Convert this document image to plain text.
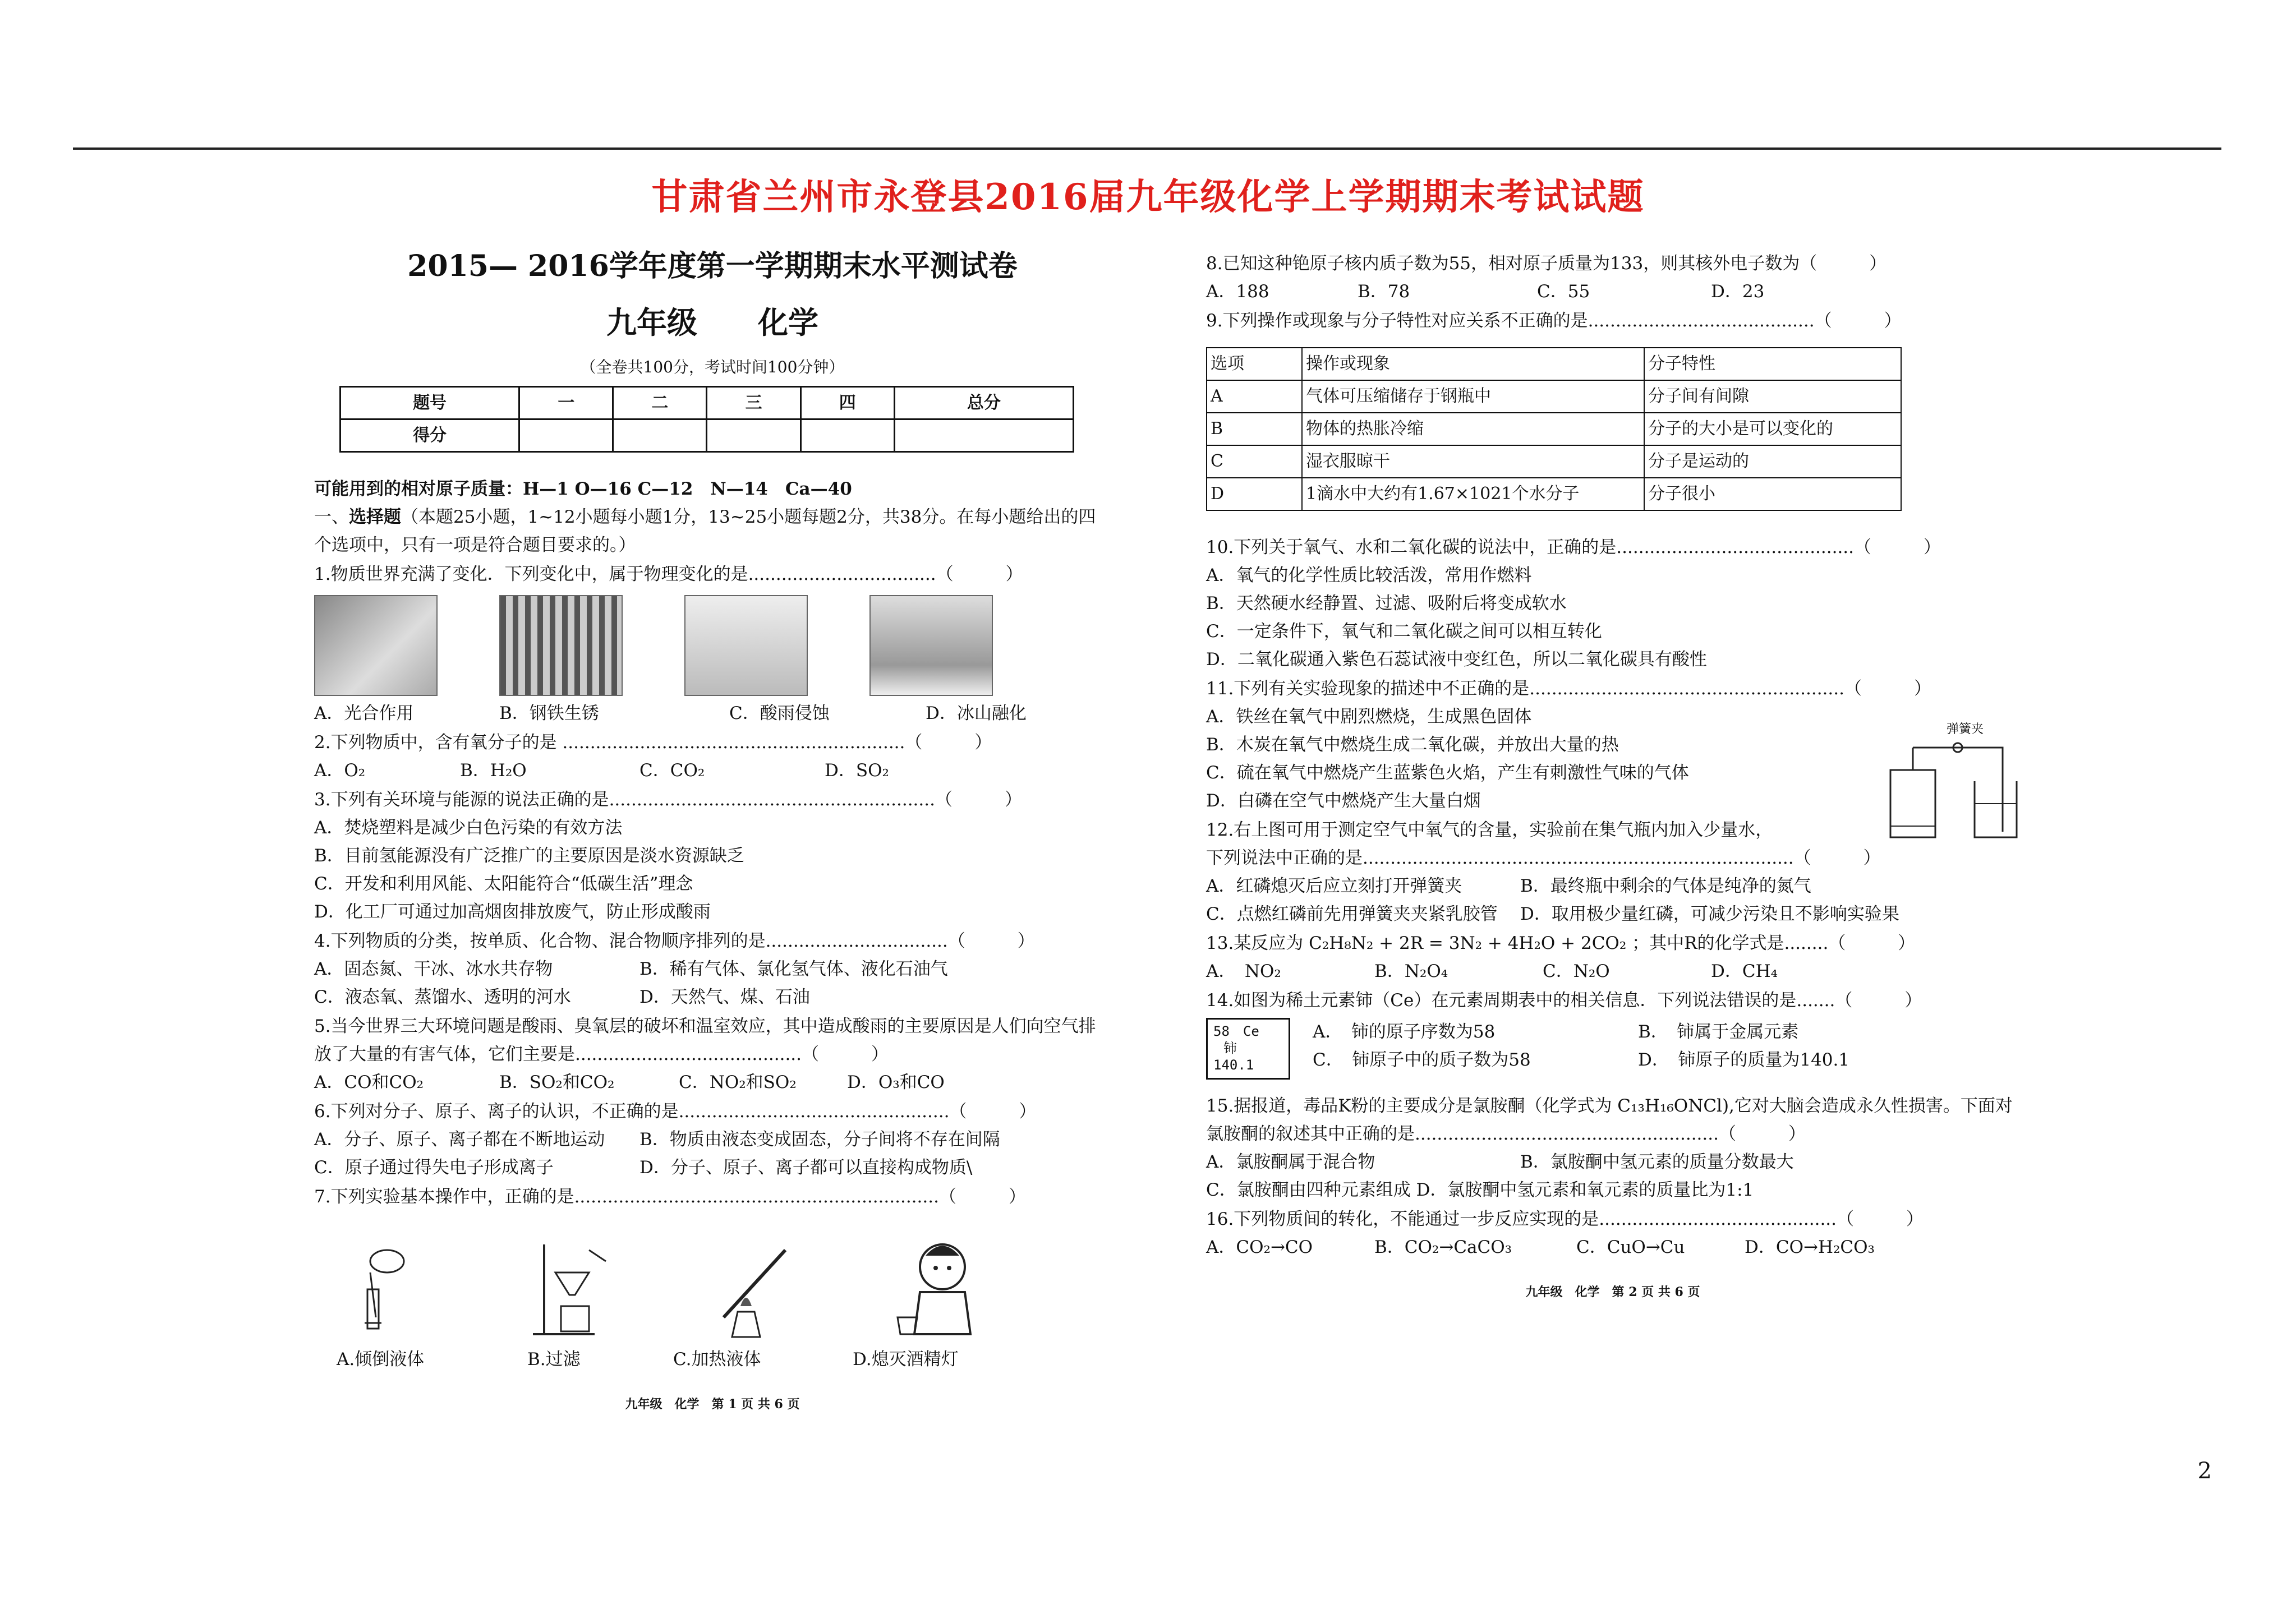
甘肃省兰州市永登县2016届九年级化学上学期期末考试试题
2015— 2016学年度第一学期期末水平测试卷
九年级　　化学
（全卷共100分，考试时间100分钟）
题号	一	二	三	四	总分
得分					
可能用到的相对原子质量：H—1 O—16 C—12　N—14　Ca—40
一、选择题（本题25小题，1~12小题每小题1分，13~25小题每题2分，共38分。在每小题给出的四个选项中，只有一项是符合题目要求的。）
1.物质世界充满了变化．下列变化中，属于物理变化的是..................................（　　　）
A．光合作用	B．钢铁生锈	C．酸雨侵蚀	D．冰山融化
2.下列物质中，含有氧分子的是 ..............................................................（　　　）
A．O₂	B．H₂O	C．CO₂	D．SO₂
3.下列有关环境与能源的说法正确的是...........................................................（　　　）
A．焚烧塑料是减少白色污染的有效方法
B．目前氢能源没有广泛推广的主要原因是淡水资源缺乏
C．开发和利用风能、太阳能符合“低碳生活”理念
D．化工厂可通过加高烟囱排放废气，防止形成酸雨
4.下列物质的分类，按单质、化合物、混合物顺序排列的是.................................（　　　）
A．固态氮、干冰、冰水共存物	B．稀有气体、氯化氢气体、液化石油气
C．液态氧、蒸馏水、透明的河水	D．天然气、煤、石油
5.当今世界三大环境问题是酸雨、臭氧层的破坏和温室效应，其中造成酸雨的主要原因是人们向空气排放了大量的有害气体，它们主要是.........................................（　　　）
A．CO和CO₂	B．SO₂和CO₂	C．NO₂和SO₂	D．O₃和CO
6.下列对分子、原子、离子的认识，不正确的是.................................................（　　　）
A．分子、原子、离子都在不断地运动	B．物质由液态变成固态，分子间将不存在间隔
C．原子通过得失电子形成离子	D．分子、原子、离子都可以直接构成物质\
7.下列实验基本操作中，正确的是..................................................................（　　　）
A.倾倒液体	B.过滤	C.加热液体	D.熄灭酒精灯
九年级　化学　第 1 页 共 6 页
8.已知这种铯原子核内质子数为55，相对原子质量为133，则其核外电子数为（　　　）
A．188	B．78	C．55	D．23
9.下列操作或现象与分子特性对应关系不正确的是.........................................（　　　）
选项	操作或现象	分子特性
A	气体可压缩储存于钢瓶中	分子间有间隙
B	物体的热胀冷缩	分子的大小是可以变化的
C	湿衣服晾干	分子是运动的
D	1滴水中大约有1.67×1021个水分子	分子很小
10.下列关于氧气、水和二氧化碳的说法中，正确的是...........................................（　　　）
A．氧气的化学性质比较活泼，常用作燃料
B．天然硬水经静置、过滤、吸附后将变成软水
C．一定条件下，氧气和二氧化碳之间可以相互转化
D．二氧化碳通入紫色石蕊试液中变红色，所以二氧化碳具有酸性
11.下列有关实验现象的描述中不正确的是.........................................................（　　　）
A．铁丝在氧气中剧烈燃烧，生成黑色固体
B．木炭在氧气中燃烧生成二氧化碳，并放出大量的热
C．硫在氧气中燃烧产生蓝紫色火焰，产生有刺激性气味的气体
D．白磷在空气中燃烧产生大量白烟
弹簧夹
12.右上图可用于测定空气中氧气的含量，实验前在集气瓶内加入少量水，
下列说法中正确的是..............................................................................（　　　）
A．红磷熄灭后应立刻打开弹簧夹	B．最终瓶中剩余的气体是纯净的氮气
C．点燃红磷前先用弹簧夹夹紧乳胶管	D．取用极少量红磷，可减少污染且不影响实验果
13.某反应为 C₂H₈N₂ + 2R = 3N₂ + 4H₂O + 2CO₂ ；其中R的化学式是........（　　　）
A．　NO₂	B．N₂O₄	C．N₂O	D．CH₄
14.如图为稀土元素铈（Ce）在元素周期表中的相关信息．下列说法错误的是.......（　　　）
58　Ce
铈
140.1
A．　铈的原子序数为58	B．　铈属于金属元素
C．　铈原子中的质子数为58	D．　铈原子的质量为140.1
15.据报道，毒品K粉的主要成分是氯胺酮（化学式为 C₁₃H₁₆ONCl),它对大脑会造成永久性损害。下面对氯胺酮的叙述其中正确的是.......................................................（　　　）
A．氯胺酮属于混合物	B．氯胺酮中氢元素的质量分数最大
C．氯胺酮由四种元素组成 D．氯胺酮中氢元素和氧元素的质量比为1:1
16.下列物质间的转化，不能通过一步反应实现的是...........................................（　　　）
A．CO₂→CO	B．CO₂→CaCO₃	C．CuO→Cu	D．CO→H₂CO₃
九年级　化学　第 2 页 共 6 页
2
